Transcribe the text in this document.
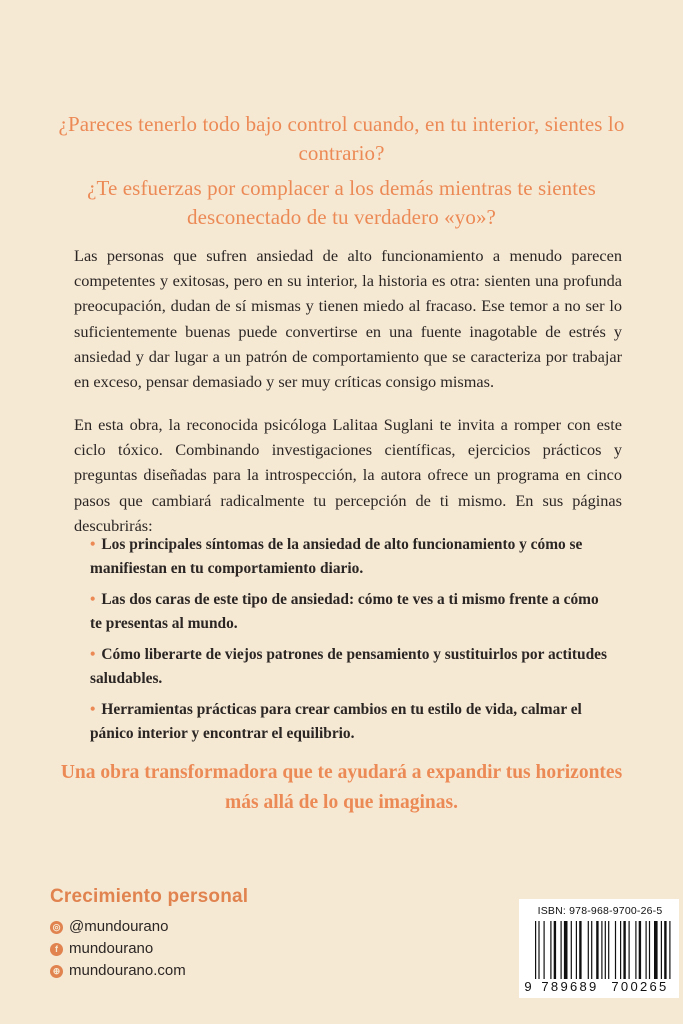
¿Pareces tenerlo todo bajo control cuando, en tu interior, sientes lo contrario?
¿Te esfuerzas por complacer a los demás mientras te sientes desconectado de tu verdadero «yo»?
Las personas que sufren ansiedad de alto funcionamiento a menudo parecen competentes y exitosas, pero en su interior, la historia es otra: sienten una profunda preocupación, dudan de sí mismas y tienen miedo al fracaso. Ese temor a no ser lo suficientemente buenas puede convertirse en una fuente inagotable de estrés y ansiedad y dar lugar a un patrón de comportamiento que se caracteriza por trabajar en exceso, pensar demasiado y ser muy críticas consigo mismas.
En esta obra, la reconocida psicóloga Lalitaa Suglani te invita a romper con este ciclo tóxico. Combinando investigaciones científicas, ejercicios prácticos y preguntas diseñadas para la introspección, la autora ofrece un programa en cinco pasos que cambiará radicalmente tu percepción de ti mismo. En sus páginas descubrirás:
• Los principales síntomas de la ansiedad de alto funcionamiento y cómo se manifiestan en tu comportamiento diario.
• Las dos caras de este tipo de ansiedad: cómo te ves a ti mismo frente a cómo te presentas al mundo.
• Cómo liberarte de viejos patrones de pensamiento y sustituirlos por actitudes saludables.
• Herramientas prácticas para crear cambios en tu estilo de vida, calmar el pánico interior y encontrar el equilibrio.
Una obra transformadora que te ayudará a expandir tus horizontes más allá de lo que imaginas.
Crecimiento personal
◎ @mundourano
f mundourano
⊕ mundourano.com
ISBN: 978-968-9700-26-5
9 789689 700265
